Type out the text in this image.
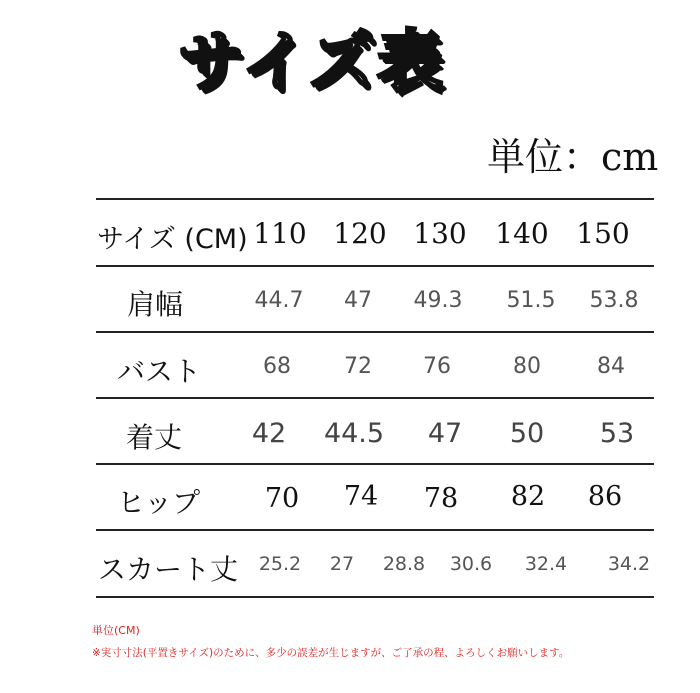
サイズ表
単位：cm
サイズ (CM) 110 120 130 140 150
肩幅	44.7 47 49.3 51.5 53.8
バスト	68 72 76	80	84
着丈	42 44.5 47 50 53
ヒップ 70 74 78 82 86
スカート丈 25.2 27 28.8 30.6 32.4 34.2
単位(CM)
※実寸寸法(平置きサイズ)のために、多少の誤差が生じますが、ご了承の程、よろしくお願いします。
